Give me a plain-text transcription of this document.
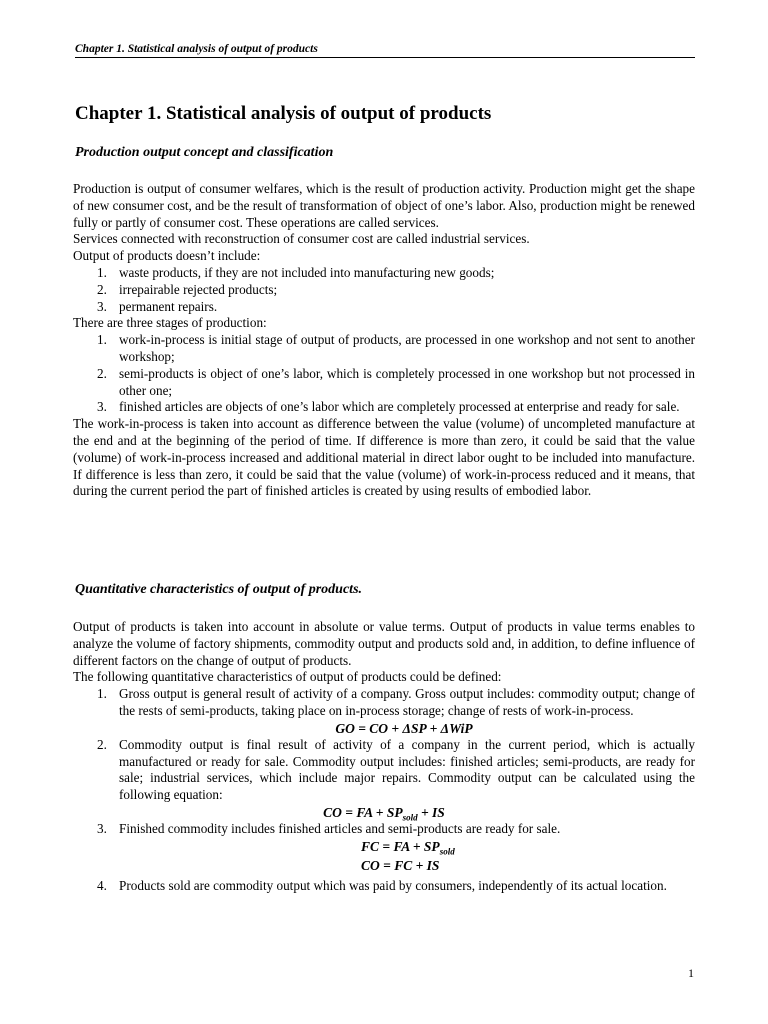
Chapter 1. Statistical analysis of output of products
Chapter 1. Statistical analysis of output of products
Production output concept and classification

Production is output of consumer welfares, which is the result of production activity. Production might get the shape of new consumer cost, and be the result of transformation of object of one’s labor. Also, production might be renewed fully or partly of consumer cost. These operations are called services.

Services connected with reconstruction of consumer cost are called industrial services.

Output of products doesn’t include:

1. waste products, if they are not included into manufacturing new goods;
2. irrepairable rejected products;
3. permanent repairs.

There are three stages of production:

1. work-in-process is initial stage of output of products, are processed in one workshop and not sent to another workshop;
2. semi-products is object of one’s labor, which is completely processed in one workshop but not processed in other one;
3. finished articles are objects of one’s labor which are completely processed at enterprise and ready for sale.

The work-in-process is taken into account as difference between the value (volume) of uncompleted manufacture at the end and at the beginning of the period of time. If difference is more than zero, it could be said that the value (volume) of work-in-process increased and additional material in direct labor ought to be included into manufacture. If difference is less than zero, it could be said that the value (volume) of work-in-process reduced and it means, that during the current period the part of finished articles is created by using results of embodied labor.

Quantitative characteristics of output of products.

Output of products is taken into account in absolute or value terms. Output of products in value terms enables to analyze the volume of factory shipments, commodity output and products sold and, in addition, to define influence of different factors on the change of output of products.

The following quantitative characteristics of output of products could be defined:

1. Gross output is general result of activity of a company. Gross output includes: commodity output; change of the rests of semi-products, taking place on in-process storage; change of rests of work-in-process.
GO = CO + ΔSP + ΔWiP
2. Commodity output is final result of activity of a company in the current period, which is actually manufactured or ready for sale. Commodity output includes: finished articles; semi-products, are ready for sale; industrial services, which include major repairs. Commodity output can be calculated using the following equation:
CO = FA + $SP_{sold}$ + IS
3. Finished commodity includes finished articles and semi-products are ready for sale.
FC = FA + $SP_{sold}$
CO = FC + IS
4. Products sold are commodity output which was paid by consumers, independently of its actual location.
1
